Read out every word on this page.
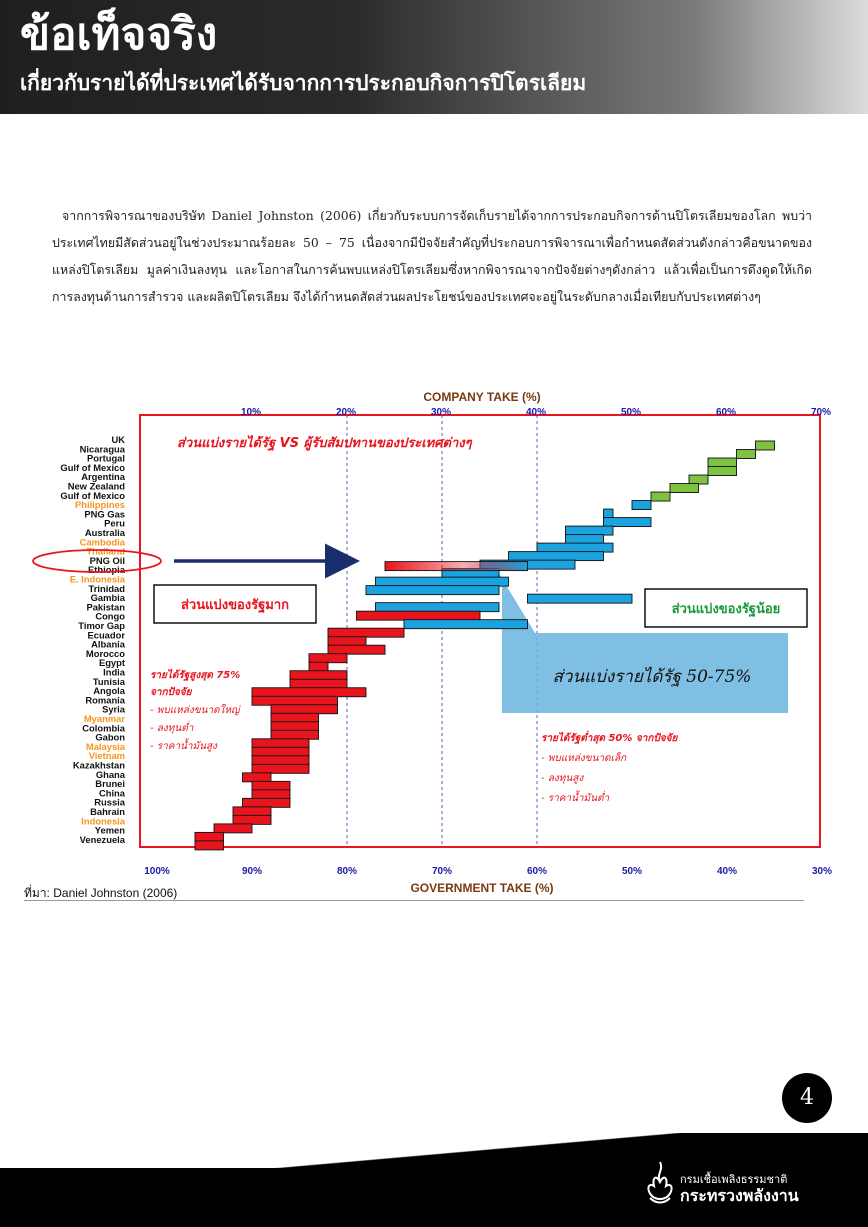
ข้อเท็จจริง
เกี่ยวกับรายได้ที่ประเทศได้รับจากการประกอบกิจการปิโตรเลียม
จากการพิจารณาของบริษัท Daniel Johnston (2006) เกี่ยวกับระบบการจัดเก็บรายได้จากการประกอบกิจการด้านปิโตรเลียมของโลก พบว่า ประเทศไทยมีสัดส่วนอยู่ในช่วงประมาณร้อยละ 50 – 75 เนื่องจากมีปัจจัยสำคัญที่ประกอบการพิจารณาเพื่อกำหนดสัดส่วนดังกล่าวคือขนาดของแหล่งปิโตรเลียม มูลค่าเงินลงทุน และโอกาสในการค้นพบแหล่งปิโตรเลียมซึ่งหากพิจารณาจากปัจจัยต่างๆดังกล่าว แล้วเพื่อเป็นการดึงดูดให้เกิดการลงทุนด้านการสำรวจ และผลิตปิโตรเลียม จึงได้กำหนดสัดส่วนผลประโยชน์ของประเทศจะอยู่ในระดับกลางเมื่อเทียบกับประเทศต่างๆ
UK
Nicaragua
Portugal
Gulf of Mexico
Argentina
New Zealand
Gulf of Mexico
Philippines
PNG Gas
Peru
Australia
Cambodia
Thailand
PNG Oil
Ethiopia
E. Indonesia
Trinidad
Gambia
Pakistan
Congo
Timor Gap
Ecuador
Albania
Morocco
Egypt
India
Tunisia
Angola
Romania
Syria
Myanmar
Colombia
Gabon
Malaysia
Vietnam
Kazakhstan
Ghana
Brunei
China
Russia
Bahrain
Indonesia
Yemen
Venezuela
10%	20%	30%	40%	50%	60%	70%
100%	90%	80%	70%	60%	50%	40%	30%
COMPANY TAKE (%)
GOVERNMENT TAKE (%)
ส่วนแบ่งรายได้รัฐ VS ผู้รับสัมปทานของประเทศต่างๆ
ส่วนแบ่งของรัฐมาก	ส่วนแบ่งของรัฐน้อย
ส่วนแบ่งรายได้รัฐ 50-75%
รายได้รัฐสูงสุด 75%
จากปัจจัย
- พบแหล่งขนาดใหญ่
- ลงทุนต่ำ
- ราคาน้ำมันสูง
รายได้รัฐต่ำสุด 50% จากปัจจัย
- พบแหล่งขนาดเล็ก
- ลงทุนสูง
- ราคาน้ำมันต่ำ
ที่มา: Daniel Johnston (2006)
4
กรมเชื้อเพลิงธรรมชาติ
กระทรวงพลังงาน
